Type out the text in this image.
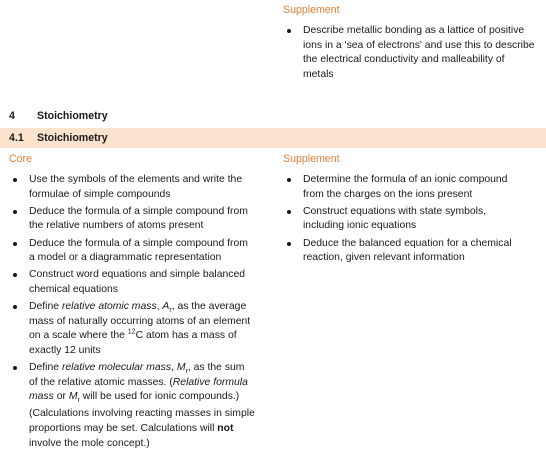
Supplement
Describe metallic bonding as a lattice of positive
ions in a 'sea of electrons' and use this to describe
the electrical conductivity and malleability of
metals
4 Stoichiometry
4.1 Stoichiometry
Core
Use the symbols of the elements and write the
formulae of simple compounds
Deduce the formula of a simple compound from
the relative numbers of atoms present
Deduce the formula of a simple compound from
a model or a diagrammatic representation
Construct word equations and simple balanced
chemical equations
Define relative atomic mass, $A_r$, as the average
mass of naturally occurring atoms of an element
on a scale where the $^{12}$C atom has a mass of
exactly 12 units
Define relative molecular mass, $M_r$, as the sum
of the relative atomic masses. (Relative formula
mass or $M_r$ will be used for ionic compounds.)
(Calculations involving reacting masses in simple
proportions may be set. Calculations will not
involve the mole concept.)
Supplement
Determine the formula of an ionic compound
from the charges on the ions present
Construct equations with state symbols,
including ionic equations
Deduce the balanced equation for a chemical
reaction, given relevant information
